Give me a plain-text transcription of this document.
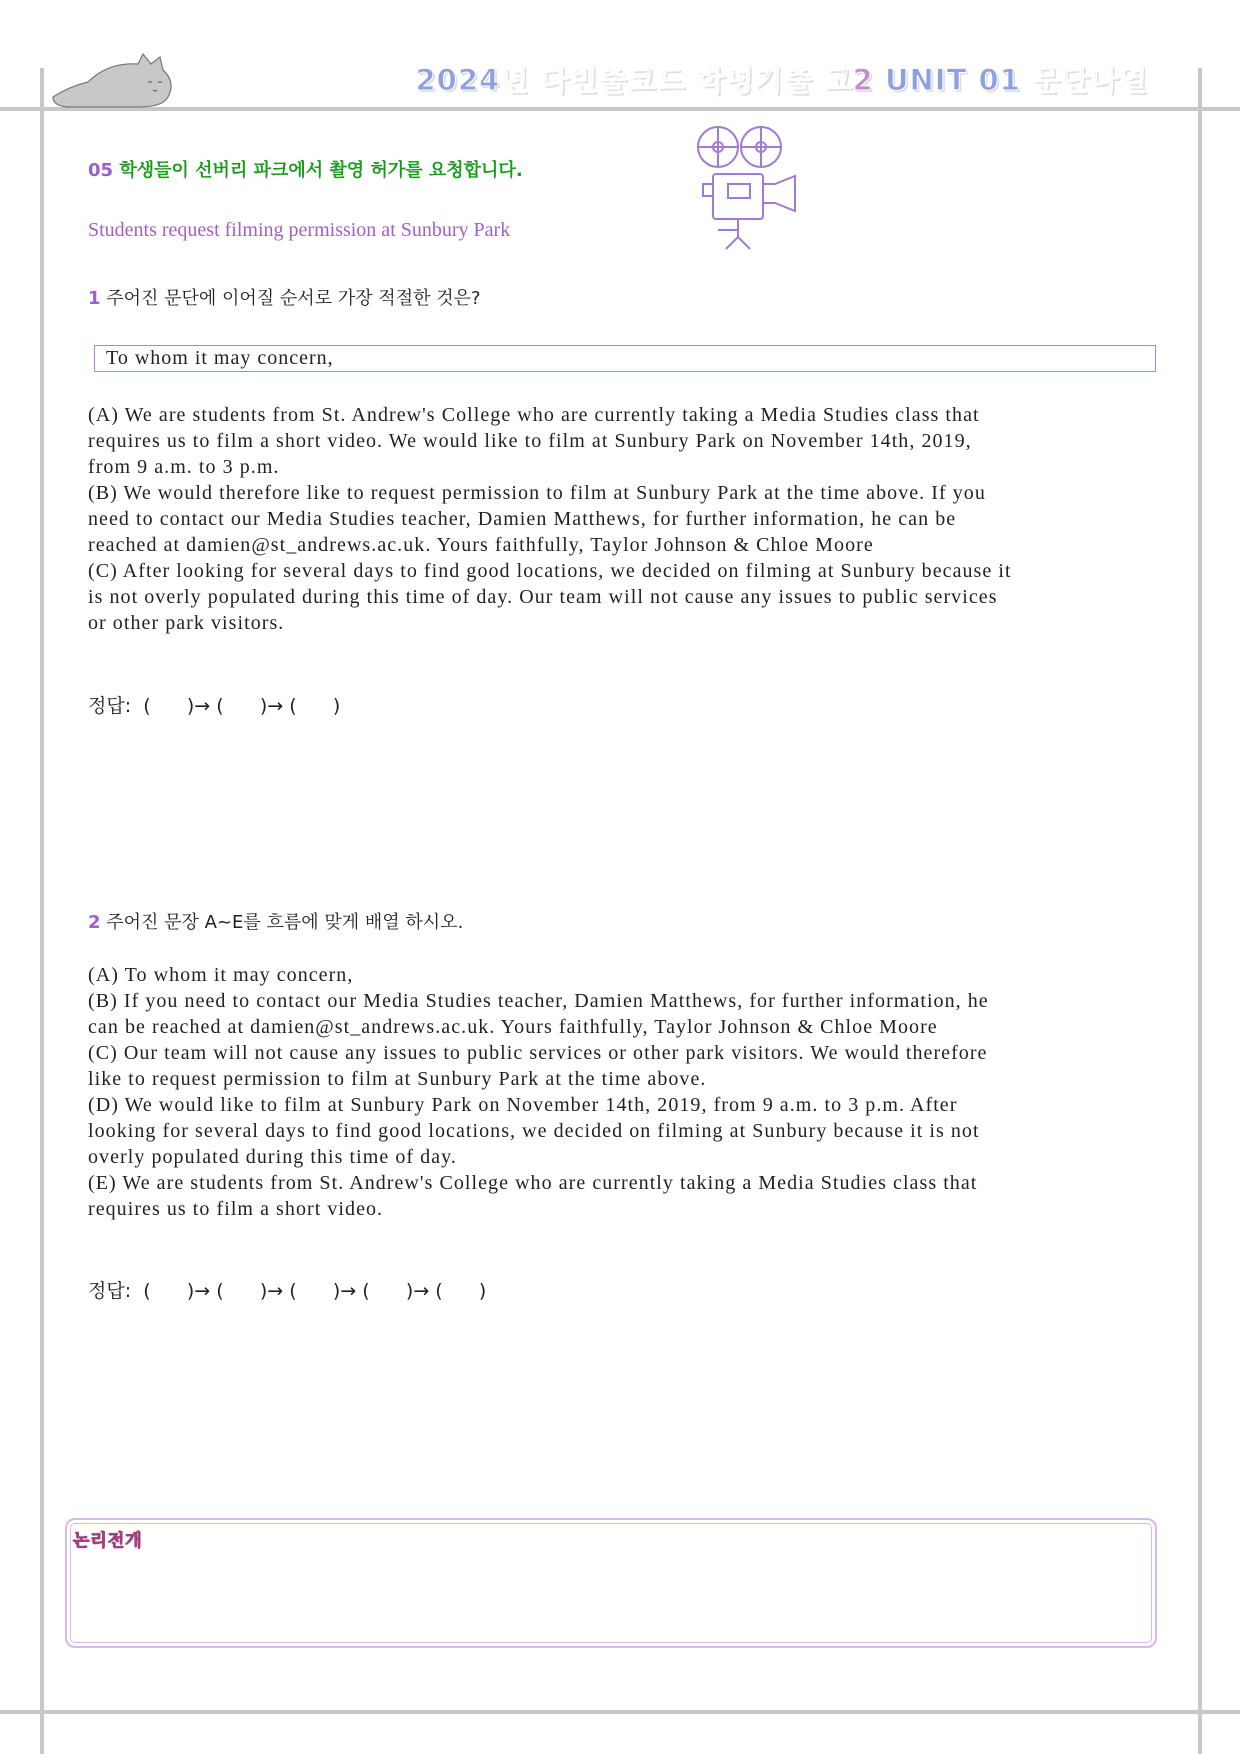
2024년 다빈출코드 학평기출 고2 UNIT 01 문단나열
05 학생들이 선버리 파크에서 촬영 허가를 요청합니다.
Students request filming permission at Sunbury Park
1 주어진 문단에 이어질 순서로 가장 적절한 것은?
To whom it may concern,
(A) We are students from St. Andrew's College who are currently taking a Media Studies class that
requires us to film a short video. We would like to film at Sunbury Park on November 14th, 2019,
from 9 a.m. to 3 p.m.
(B) We would therefore like to request permission to film at Sunbury Park at the time above. If you
need to contact our Media Studies teacher, Damien Matthews, for further information, he can be
reached at damien@st_andrews.ac.uk. Yours faithfully, Taylor Johnson & Chloe Moore
(C) After looking for several days to find good locations, we decided on filming at Sunbury because it
is not overly populated during this time of day. Our team will not cause any issues to public services
or other park visitors.
정답:  (      )→ (      )→ (      )
2 주어진 문장 A~E를 흐름에 맞게 배열 하시오.
(A) To whom it may concern,
(B) If you need to contact our Media Studies teacher, Damien Matthews, for further information, he
can be reached at damien@st_andrews.ac.uk. Yours faithfully, Taylor Johnson & Chloe Moore
(C) Our team will not cause any issues to public services or other park visitors. We would therefore
like to request permission to film at Sunbury Park at the time above.
(D) We would like to film at Sunbury Park on November 14th, 2019, from 9 a.m. to 3 p.m. After
looking for several days to find good locations, we decided on filming at Sunbury because it is not
overly populated during this time of day.
(E) We are students from St. Andrew's College who are currently taking a Media Studies class that
requires us to film a short video.
정답:  (      )→ (      )→ (      )→ (      )→ (      )
논리전개
